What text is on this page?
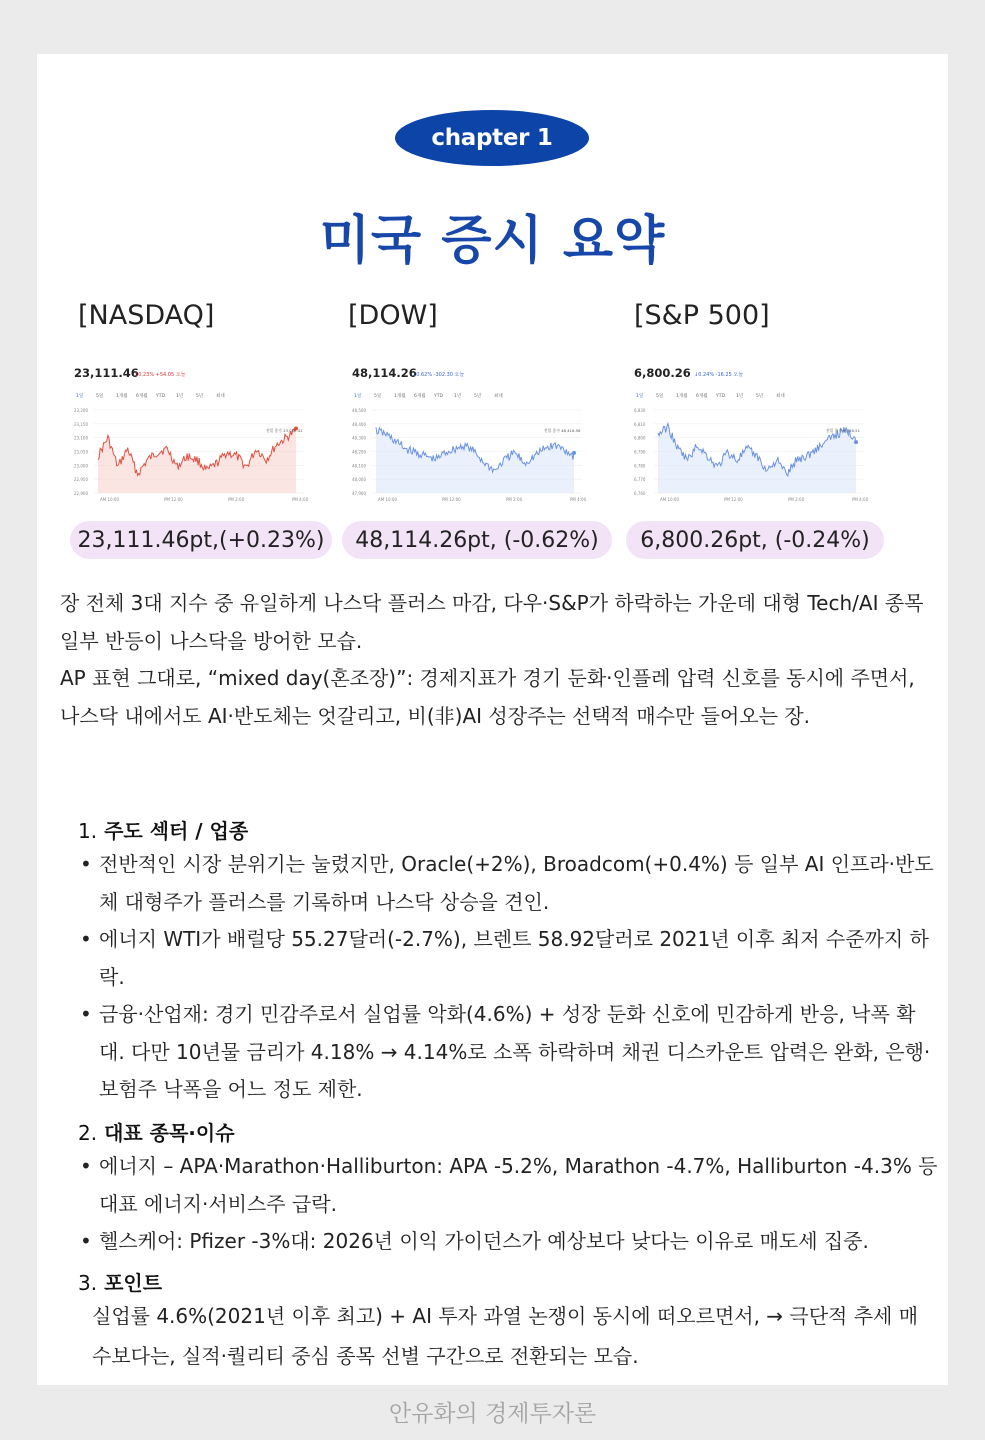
chapter 1
미국 증시 요약
[NASDAQ]	[DOW]	[S&P 500]
23,111.46
↑0.23% +54.05 오늘
1일	5일	1개월 6개월 YTD 1년	5년	최대
23,200
23,150
23,100
23,050
23,000
22,950
22,900
AM 10:00	PM 12:00	PM 2:00	PM 4:00
전일 종가 23,057.41
48,114.26
↓0.62% -302.30 오늘
1일	5일	1개월 6개월 YTD 1년	5년	최대
48,500
48,400
48,300
48,200
48,100
48,000
47,900
AM 10:00	PM 12:00	PM 2:00	PM 4:00
전일 종가 48,416.56
6,800.26 ↓0.24% -16.25 오늘
1일	5일	1개월 6개월 YTD 1년	5년	최대
6,830
6,810
6,800
6,790
6,780
6,770
6,760
AM 10:00	PM 12:00	PM 2:00	PM 4:00
전일 종가 6,816.51
23,111.46pt,(+0.23%)	48,114.26pt, (-0.62%)	6,800.26pt, (-0.24%)

장 전체 3대 지수 중 유일하게 나스닥 플러스 마감, 다우·S&P가 하락하는 가운데 대형 Tech/AI 종목 일부 반등이 나스닥을 방어한 모습.

AP 표현 그대로, “mixed day(혼조장)”: 경제지표가 경기 둔화·인플레 압력 신호를 동시에 주면서, 나스닥 내에서도 AI·반도체는 엇갈리고, 비(非)AI 성장주는 선택적 매수만 들어오는 장.

1. 주도 섹터 / 업종
• 전반적인 시장 분위기는 눌렸지만, Oracle(+2%), Broadcom(+0.4%) 등 일부 AI 인프라·반도체 대형주가 플러스를 기록하며 나스닥 상승을 견인.
• 에너지 WTI가 배럴당 55.27달러(-2.7%), 브렌트 58.92달러로 2021년 이후 최저 수준까지 하락.
• 금융·산업재: 경기 민감주로서 실업률 악화(4.6%) + 성장 둔화 신호에 민감하게 반응, 낙폭 확대. 다만 10년물 금리가 4.18% → 4.14%로 소폭 하락하며 채권 디스카운트 압력은 완화, 은행·보험주 낙폭을 어느 정도 제한.
2. 대표 종목·이슈
• 에너지 – APA·Marathon·Halliburton: APA -5.2%, Marathon -4.7%, Halliburton -4.3% 등 대표 에너지·서비스주 급락.
• 헬스케어: Pfizer -3%대: 2026년 이익 가이던스가 예상보다 낮다는 이유로 매도세 집중.
3. 포인트
실업률 4.6%(2021년 이후 최고) + AI 투자 과열 논쟁이 동시에 떠오르면서, → 극단적 추세 매수보다는, 실적·퀄리티 중심 종목 선별 구간으로 전환되는 모습.
안유화의 경제투자론
